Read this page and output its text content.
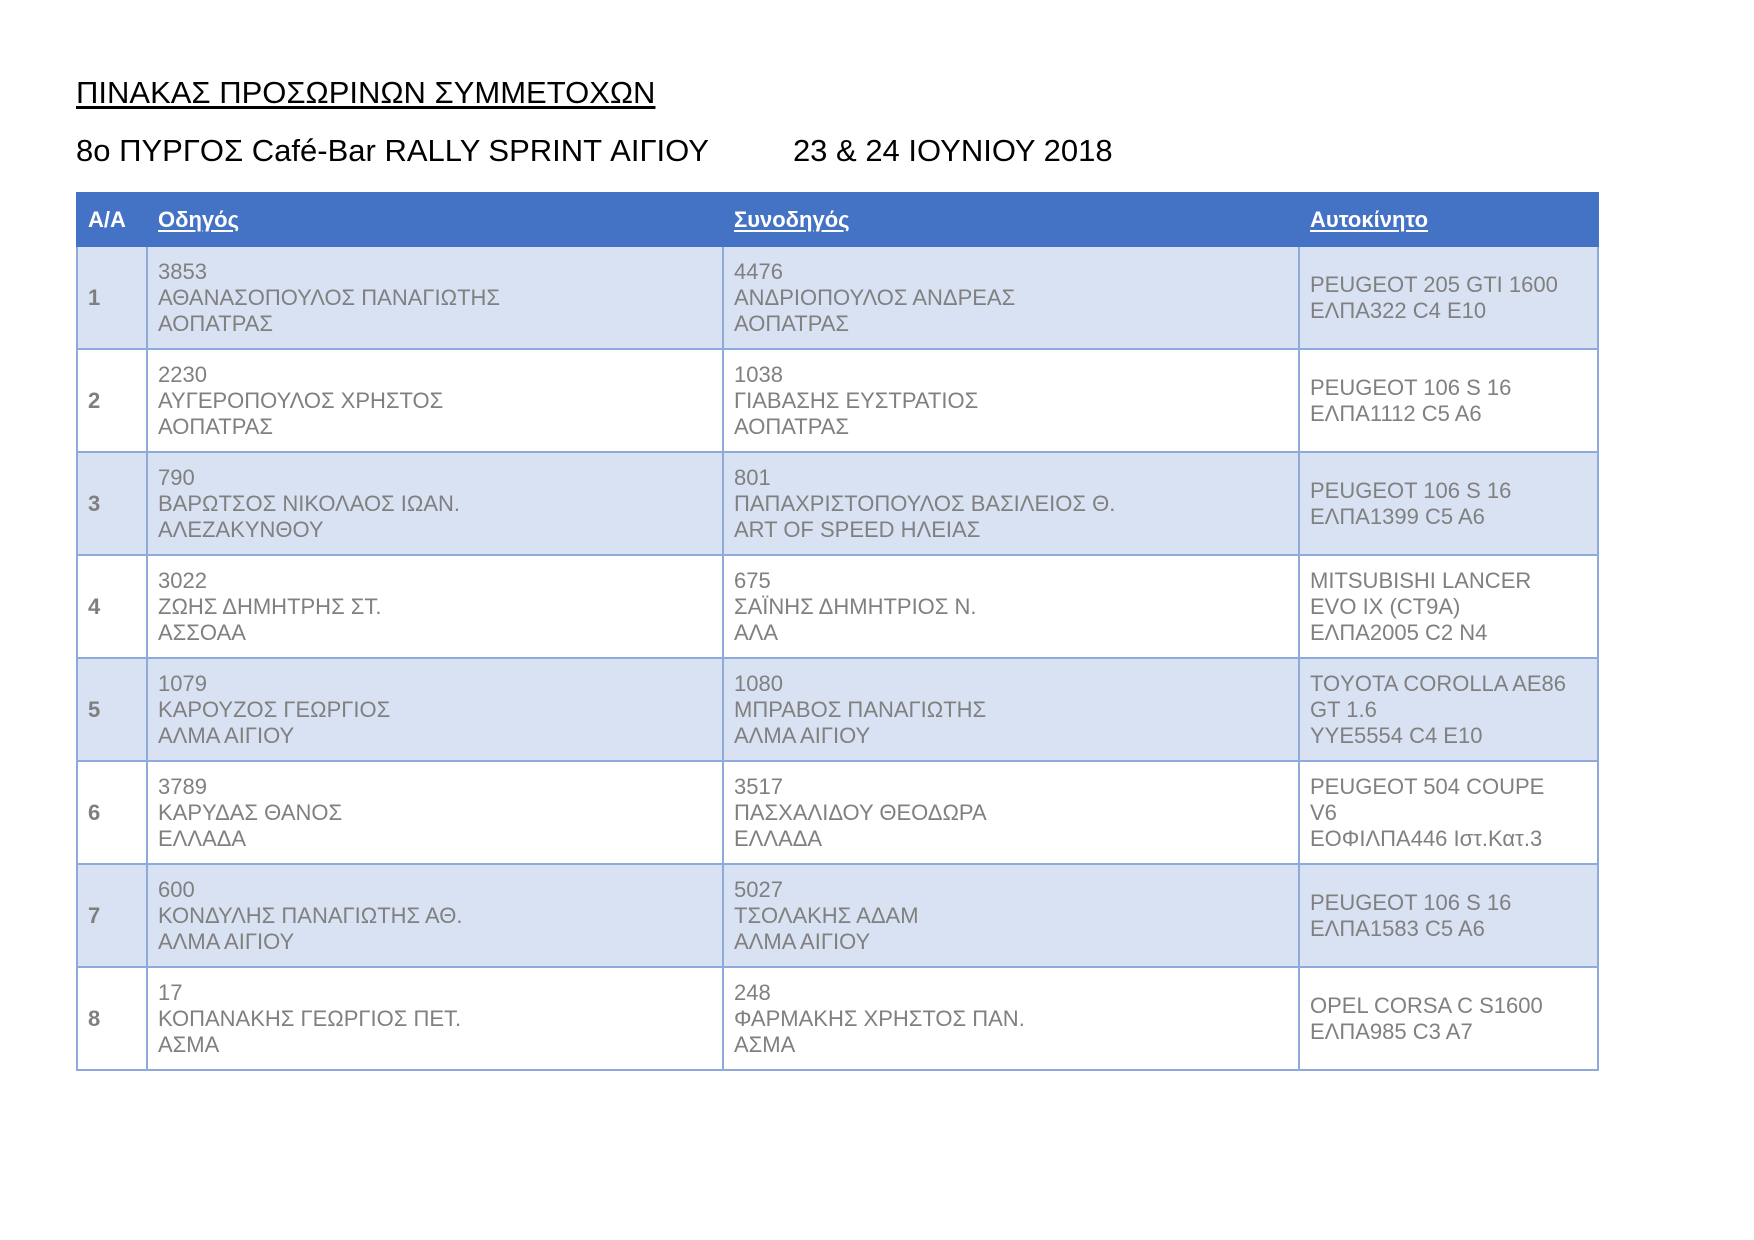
ΠΙΝΑΚΑΣ ΠΡΟΣΩΡΙΝΩΝ ΣΥΜΜΕΤΟΧΩΝ
8ο ΠΥΡΓΟΣ Café-Bar RALLY SPRINT ΑΙΓΙΟΥ	23 & 24 ΙΟΥΝΙΟΥ 2018
Α/Α	Οδηγός	Συνοδηγός	Αυτοκίνητο
1	3853
ΑΘΑΝΑΣΟΠΟΥΛΟΣ ΠΑΝΑΓΙΩΤΗΣ
ΑΟΠΑΤΡΑΣ	4476
ΑΝΔΡΙΟΠΟΥΛΟΣ ΑΝΔΡΕΑΣ
ΑΟΠΑΤΡΑΣ	PEUGEOT 205 GTI 1600
ΕΛΠΑ322 C4 E10

2	2230
ΑΥΓΕΡΟΠΟΥΛΟΣ ΧΡΗΣΤΟΣ
ΑΟΠΑΤΡΑΣ	1038
ΓΙΑΒΑΣΗΣ ΕΥΣΤΡΑΤΙΟΣ
ΑΟΠΑΤΡΑΣ	PEUGEOT 106 S 16
ΕΛΠΑ1112 C5 A6

3	790
ΒΑΡΩΤΣΟΣ ΝΙΚΟΛΑΟΣ ΙΩΑΝ.
ΑΛΕΖΑΚΥΝΘΟΥ	801
ΠΑΠΑΧΡΙΣΤΟΠΟΥΛΟΣ ΒΑΣΙΛΕΙΟΣ Θ.
ART OF SPEED ΗΛΕΙΑΣ	PEUGEOT 106 S 16
ΕΛΠΑ1399 C5 A6

4	3022
ΖΩΗΣ ΔΗΜΗΤΡΗΣ ΣΤ.
ΑΣΣΟΑΑ	675
ΣΑΪΝΗΣ ΔΗΜΗΤΡΙΟΣ Ν.
ΑΛΑ	MITSUBISHI LANCER
EVO IX (CT9A)
ΕΛΠΑ2005 C2 N4

5	1079
ΚΑΡΟΥΖΟΣ ΓΕΩΡΓΙΟΣ
ΑΛΜΑ ΑΙΓΙΟΥ	1080
ΜΠΡΑΒΟΣ ΠΑΝΑΓΙΩΤΗΣ
ΑΛΜΑ ΑΙΓΙΟΥ	TOYOTA COROLLA AE86
GT 1.6
YYE5554 C4 E10

6	3789
ΚΑΡΥΔΑΣ ΘΑΝΟΣ
ΕΛΛΑΔΑ	3517
ΠΑΣΧΑΛΙΔΟΥ ΘΕΟΔΩΡΑ
ΕΛΛΑΔΑ	PEUGEOT 504 COUPE
V6
ΕΟΦΙΛΠΑ446 Ιστ.Κατ.3

7	600
ΚΟΝΔΥΛΗΣ ΠΑΝΑΓΙΩΤΗΣ ΑΘ.
ΑΛΜΑ ΑΙΓΙΟΥ	5027
ΤΣΟΛΑΚΗΣ ΑΔΑΜ
ΑΛΜΑ ΑΙΓΙΟΥ	PEUGEOT 106 S 16
ΕΛΠΑ1583 C5 A6

8	17
ΚΟΠΑΝΑΚΗΣ ΓΕΩΡΓΙΟΣ ΠΕΤ.
ΑΣΜΑ	248
ΦΑΡΜΑΚΗΣ ΧΡΗΣΤΟΣ ΠΑΝ.
ΑΣΜΑ	OPEL CORSA C S1600
ΕΛΠΑ985 C3 A7
